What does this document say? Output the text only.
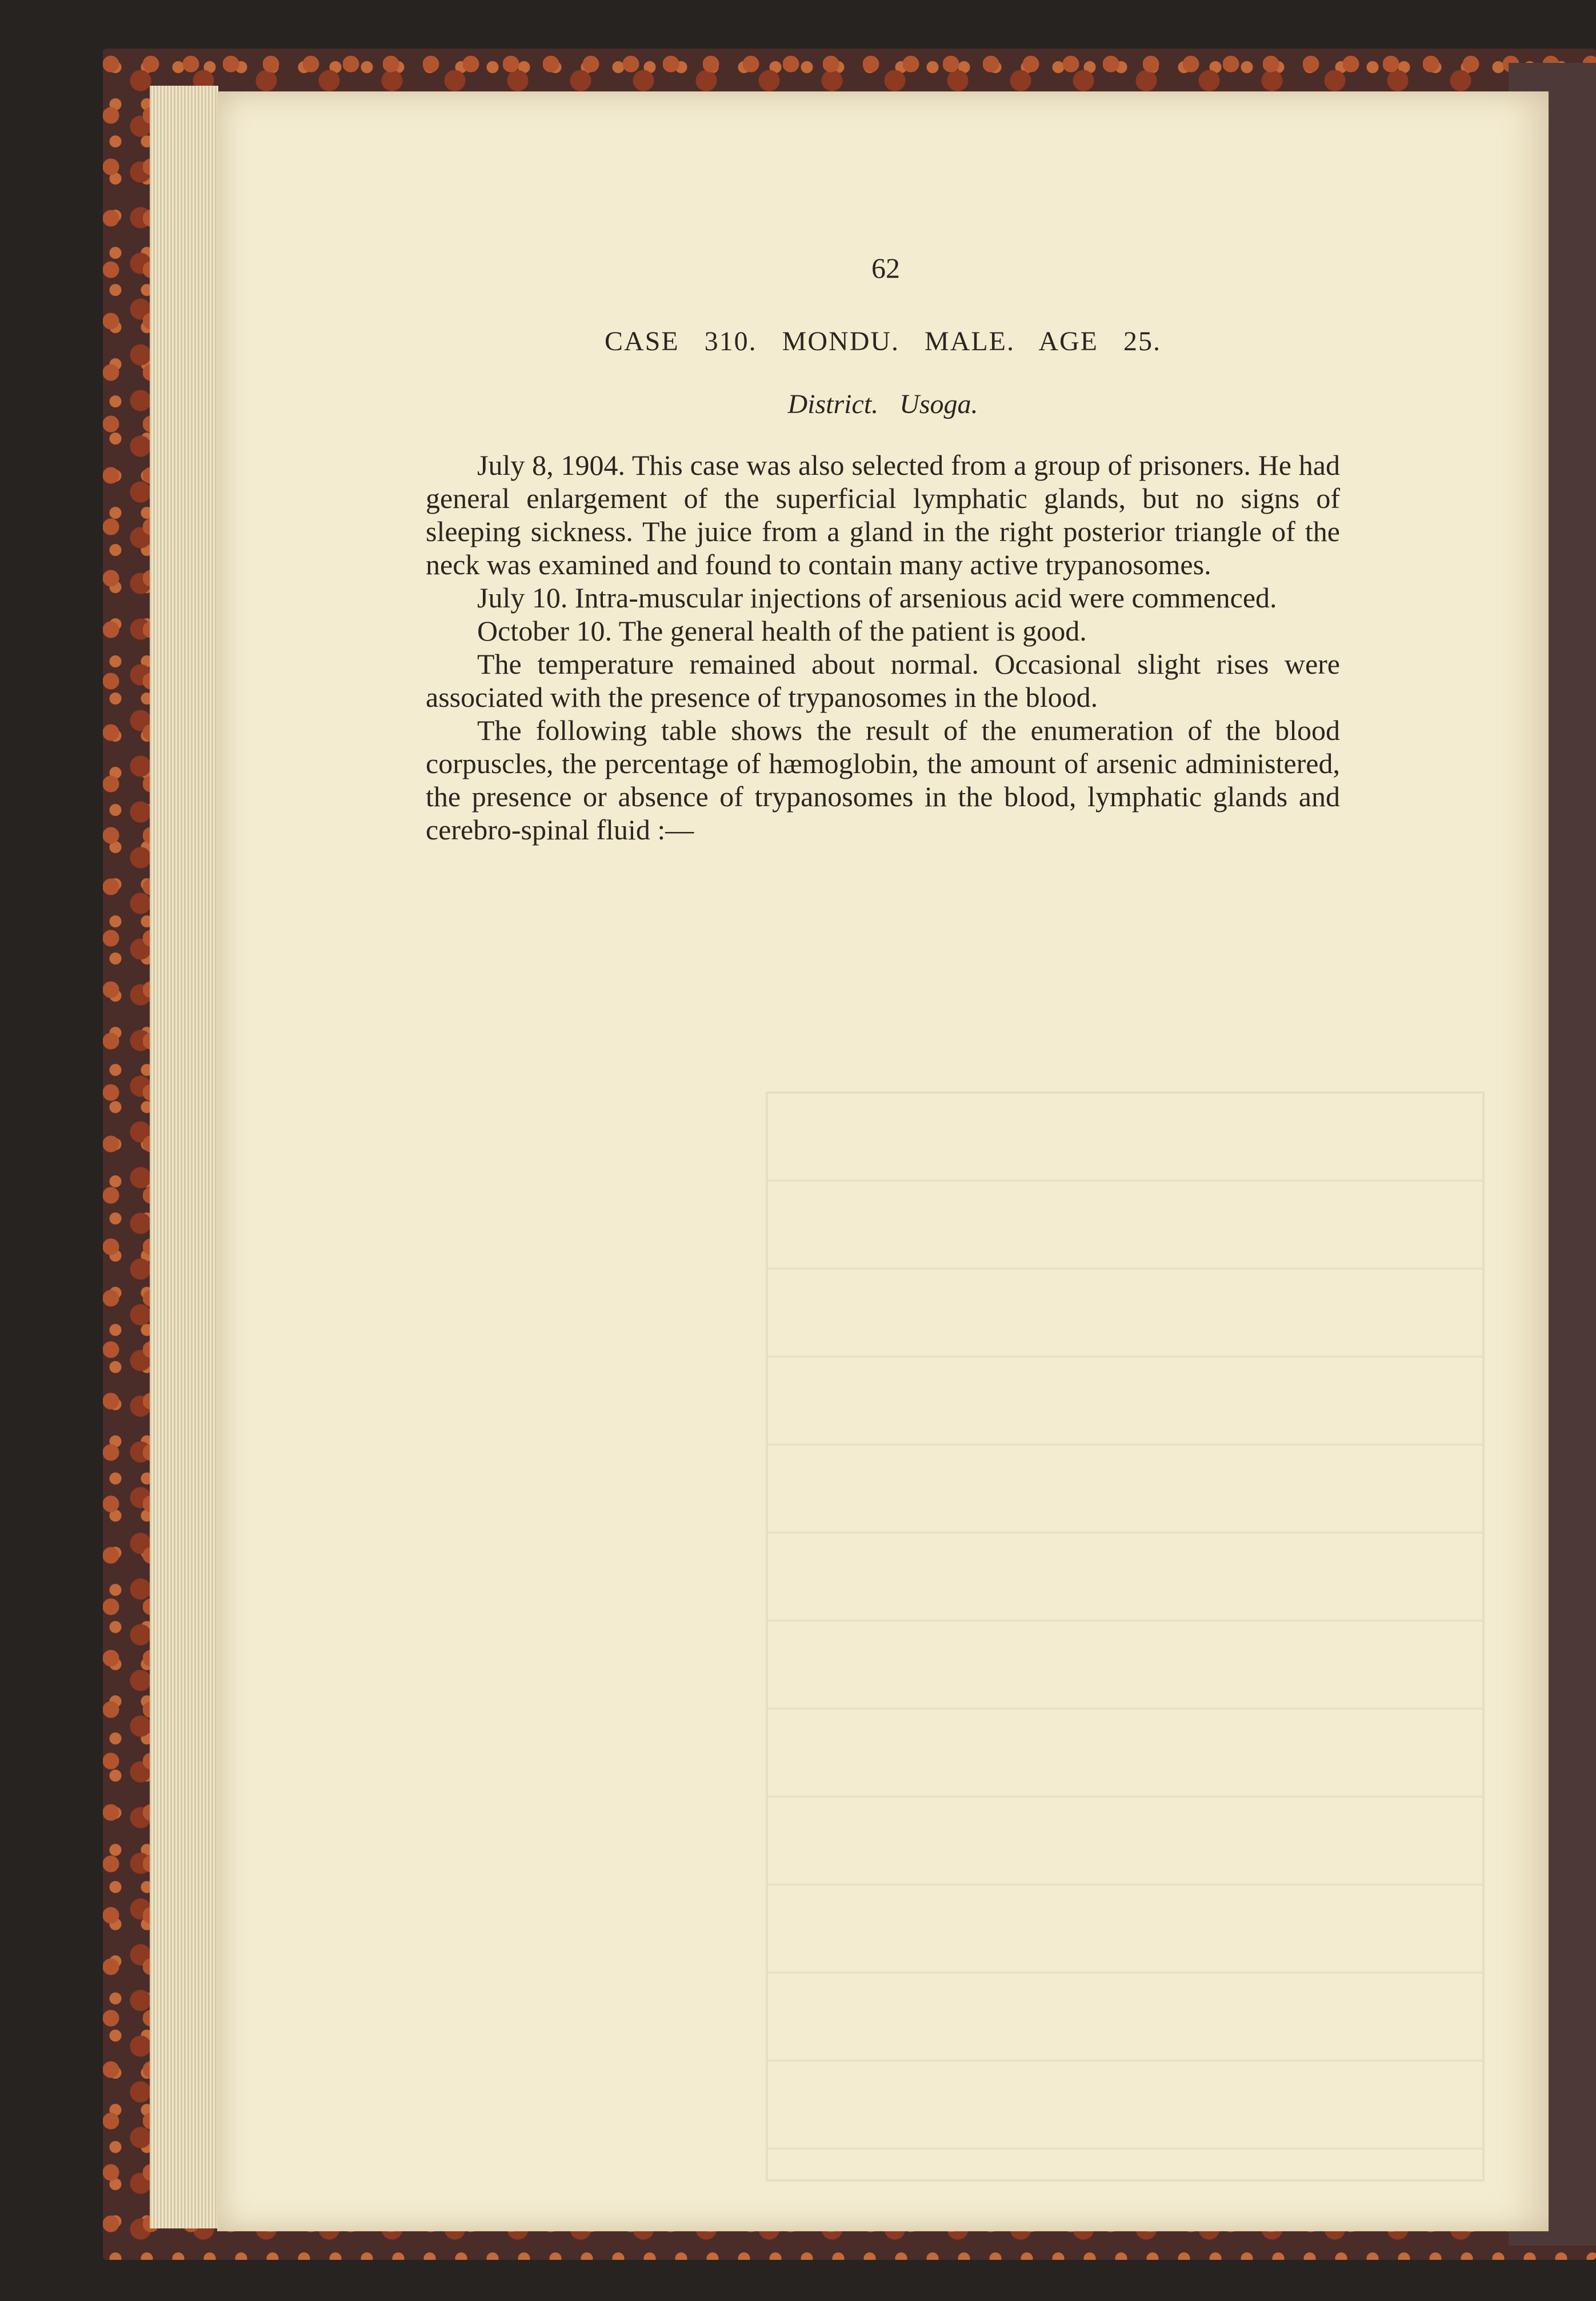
62
CASE 310. MONDU. MALE. AGE 25.
District. Usoga.

July 8, 1904. This case was also selected from a group of prisoners. He had general enlargement of the superficial lymphatic glands, but no signs of sleeping sickness. The juice from a gland in the right posterior triangle of the neck was examined and found to contain many active trypanosomes.

July 10. Intra-muscular injections of arsenious acid were commenced.

October 10. The general health of the patient is good.

The temperature remained about normal. Occasional slight rises were associated with the presence of trypanosomes in the blood.

The following table shows the result of the enumeration of the blood corpuscles, the percentage of hæmoglobin, the amount of arsenic administered, the presence or absence of trypanosomes in the blood, lymphatic glands and cerebro-spinal fluid :—
